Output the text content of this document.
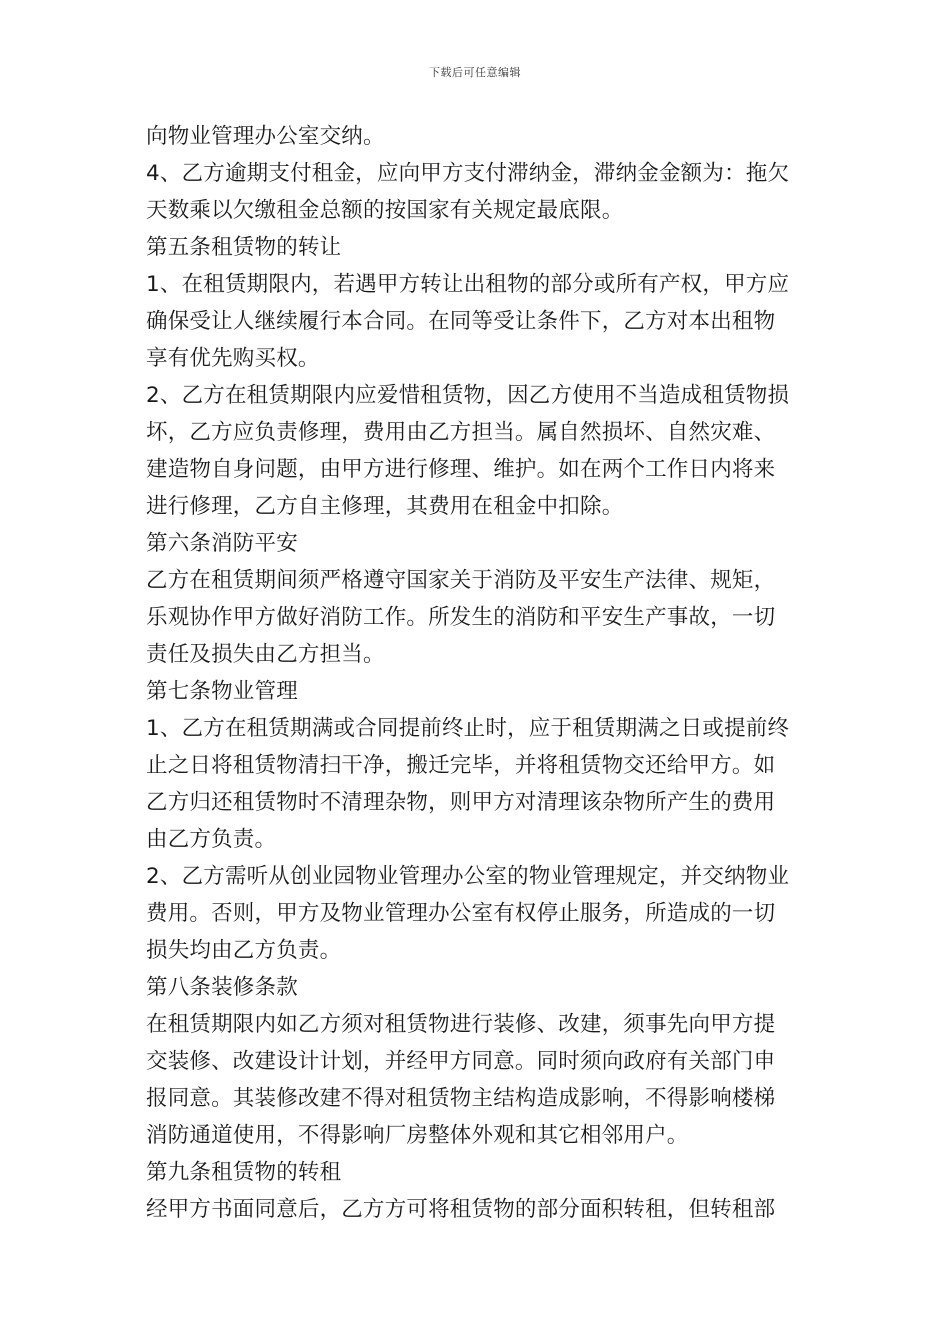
下载后可任意编辑
向物业管理办公室交纳。
4、乙方逾期支付租金，应向甲方支付滞纳金，滞纳金金额为：拖欠
天数乘以欠缴租金总额的按国家有关规定最底限。
第五条租赁物的转让
1、在租赁期限内，若遇甲方转让出租物的部分或所有产权，甲方应
确保受让人继续履行本合同。在同等受让条件下，乙方对本出租物
享有优先购买权。
2、乙方在租赁期限内应爱惜租赁物，因乙方使用不当造成租赁物损
坏，乙方应负责修理，费用由乙方担当。属自然损坏、自然灾难、
建造物自身问题，由甲方进行修理、维护。如在两个工作日内将来
进行修理，乙方自主修理，其费用在租金中扣除。
第六条消防平安
乙方在租赁期间须严格遵守国家关于消防及平安生产法律、规矩，
乐观协作甲方做好消防工作。所发生的消防和平安生产事故，一切
责任及损失由乙方担当。
第七条物业管理
1、乙方在租赁期满或合同提前终止时，应于租赁期满之日或提前终
止之日将租赁物清扫干净，搬迁完毕，并将租赁物交还给甲方。如
乙方归还租赁物时不清理杂物，则甲方对清理该杂物所产生的费用
由乙方负责。
2、乙方需听从创业园物业管理办公室的物业管理规定，并交纳物业
费用。否则，甲方及物业管理办公室有权停止服务，所造成的一切
损失均由乙方负责。
第八条装修条款
在租赁期限内如乙方须对租赁物进行装修、改建，须事先向甲方提
交装修、改建设计计划，并经甲方同意。同时须向政府有关部门申
报同意。其装修改建不得对租赁物主结构造成影响，不得影响楼梯
消防通道使用，不得影响厂房整体外观和其它相邻用户。
第九条租赁物的转租
经甲方书面同意后，乙方方可将租赁物的部分面积转租，但转租部
